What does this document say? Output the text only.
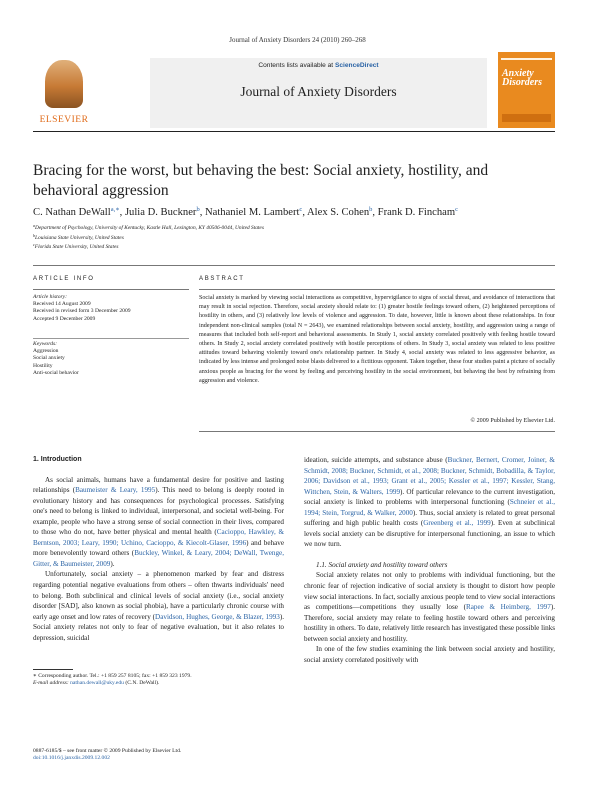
Journal of Anxiety Disorders 24 (2010) 260–268
Contents lists available at ScienceDirect
Journal of Anxiety Disorders
ELSEVIER
Anxiety
Disorders
Bracing for the worst, but behaving the best: Social anxiety, hostility, and behavioral aggression
C. Nathan DeWall$^{a,∗}$, Julia D. Buckner$^b$, Nathaniel M. Lambert$^c$, Alex S. Cohen$^b$, Frank D. Fincham$^c$
$^a$Department of Psychology, University of Kentucky, Kastle Hall, Lexington, KY 40506-0044, United States
$^b$Louisiana State University, United States
$^c$Florida State University, United States
ARTICLE INFO
Article history:
Received 14 August 2009
Received in revised form 3 December 2009
Accepted 9 December 2009
Keywords:
Aggression
Social anxiety
Hostility
Anti-social behavior
ABSTRACT
Social anxiety is marked by viewing social interactions as competitive, hypervigilance to signs of social threat, and avoidance of interactions that may result in social rejection. Therefore, social anxiety should relate to: (1) greater hostile feelings toward others, (2) heightened perceptions of hostility in others, and (3) relatively low levels of violence and aggression. To date, however, little is known about these relationships. In four independent non-clinical samples (total N = 2643), we examined relationships between social anxiety, hostility, and aggression using a range of measures that included both self-report and behavioral assessments. In Study 1, social anxiety correlated positively with feeling hostile toward others. In Study 2, social anxiety correlated positively with hostile perceptions of others. In Study 3, social anxiety was related to less positive attitudes toward behaving violently toward one's relationship partner. In Study 4, social anxiety was related to less aggressive behavior, as indicated by less intense and prolonged noise blasts delivered to a fictitious opponent. Taken together, these four studies paint a picture of socially anxious people as bracing for the worst by feeling and perceiving hostility in the social environment, but behaving the best by refraining from aggression and violence.
© 2009 Published by Elsevier Ltd.
1. Introduction

As social animals, humans have a fundamental desire for positive and lasting relationships (Baumeister & Leary, 1995). This need to belong is deeply rooted in evolutionary history and has consequences for psychological processes. Satisfying one's need to belong is linked to individual, interpersonal, and societal well-being. For example, people who have a strong sense of social connection in their lives, compared to those who do not, have better physical and mental health (Cacioppo, Hawkley, & Berntson, 2003; Leary, 1990; Uchino, Cacioppo, & Kiecolt-Glaser, 1996) and behave more benevolently toward others (Buckley, Winkel, & Leary, 2004; DeWall, Twenge, Gitter, & Baumeister, 2009).

Unfortunately, social anxiety – a phenomenon marked by fear and distress regarding potential negative evaluations from others – often thwarts individuals' need to belong. Both subclinical and clinical levels of social anxiety (i.e., social anxiety disorder [SAD], also known as social phobia), have a particularly chronic course with early age onset and low rates of recovery (Davidson, Hughes, George, & Blazer, 1993). Social anxiety relates not only to fear of negative evaluation, but it also relates to depression, suicidal

ideation, suicide attempts, and substance abuse (Buckner, Bernert, Cromer, Joiner, & Schmidt, 2008; Buckner, Schmidt, et al., 2008; Buckner, Schmidt, Bobadilla, & Taylor, 2006; Davidson et al., 1993; Grant et al., 2005; Kessler et al., 1997; Kessler, Stang, Wittchen, Stein, & Walters, 1999). Of particular relevance to the current investigation, social anxiety is linked to problems with interpersonal functioning (Schneier et al., 1994; Stein, Torgrud, & Walker, 2000). Thus, social anxiety is related to great personal suffering and high public health costs (Greenberg et al., 1999). Even at subclinical levels social anxiety can be disruptive for interpersonal functioning, an issue to which we now turn.

1.1. Social anxiety and hostility toward others

Social anxiety relates not only to problems with individual functioning, but the chronic fear of rejection indicative of social anxiety is thought to distort how people view social interactions. In fact, socially anxious people tend to view social interactions as competitions—competitions they usually lose (Rapee & Heimberg, 1997). Therefore, social anxiety may relate to feeling hostile toward others and perceiving hostility in others. To date, relatively little research has investigated these possible links between social anxiety and hostility.

In one of the few studies examining the link between social anxiety and hostility, social anxiety correlated positively with

∗ Corresponding author. Tel.: +1 859 257 8105; fax: +1 859 323 1979.
E-mail address: nathan.dewall@uky.edu (C.N. DeWall).
0887-6185/$ – see front matter © 2009 Published by Elsevier Ltd.
doi:10.1016/j.janxdis.2009.12.002
